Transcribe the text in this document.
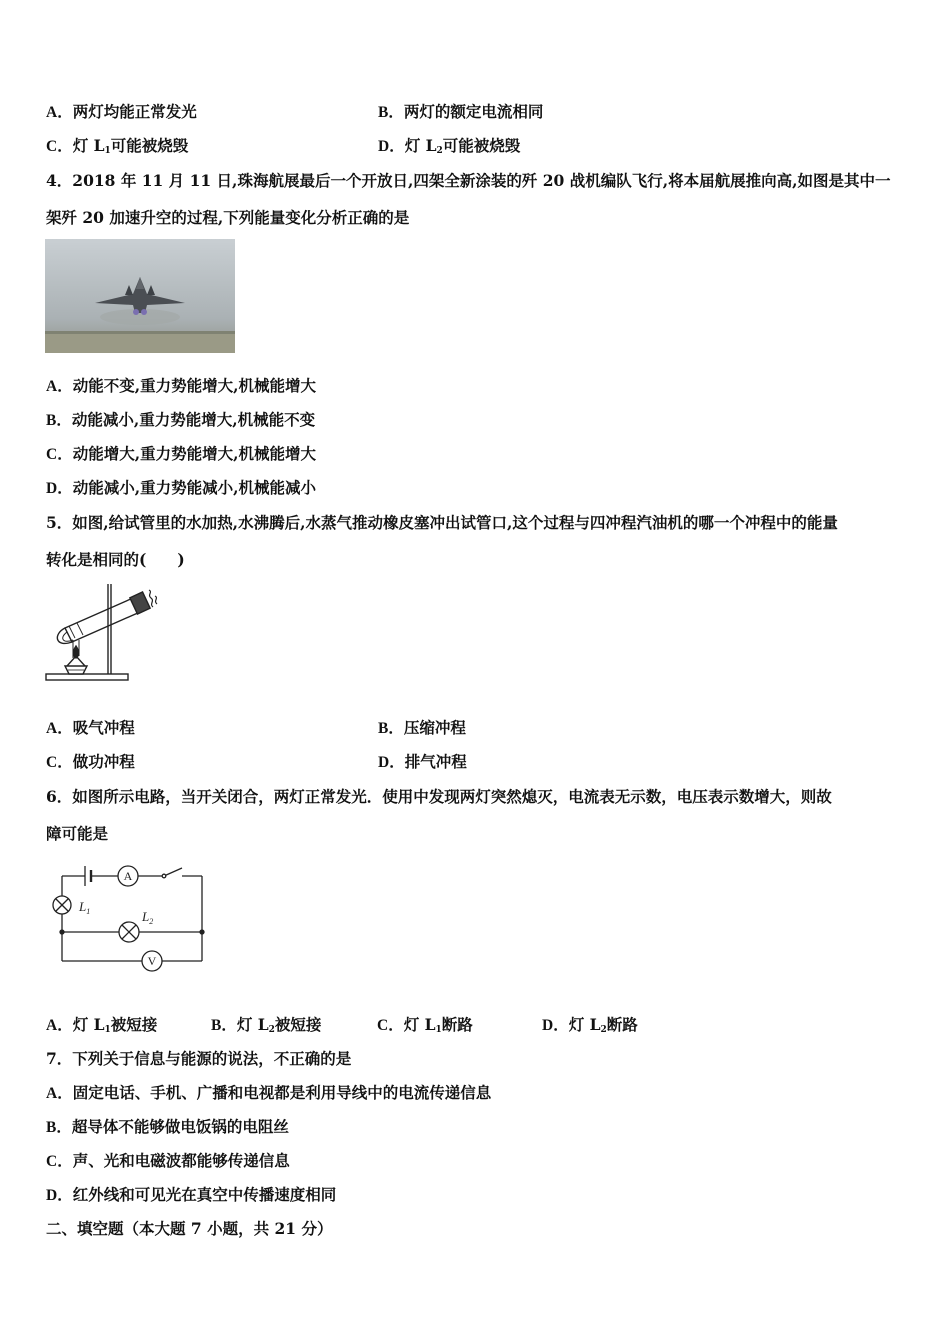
A．两灯均能正常发光	B．两灯的额定电流相同
C．灯 $L_1$可能被烧毁	D．灯 $L_2$可能被烧毁
4．2018 年 11 月 11 日,珠海航展最后一个开放日,四架全新涂装的歼 20 战机编队飞行,将本届航展推向高,如图是其中一
架歼 20 加速升空的过程,下列能量变化分析正确的是
A．动能不变,重力势能增大,机械能增大
B．动能减小,重力势能增大,机械能不变
C．动能增大,重力势能增大,机械能增大
D．动能减小,重力势能减小,机械能减小
5．如图,给试管里的水加热,水沸腾后,水蒸气推动橡皮塞冲出试管口,这个过程与四冲程汽油机的哪一个冲程中的能量
转化是相同的(　　)
A．吸气冲程	B．压缩冲程
C．做功冲程	D．排气冲程
6．如图所示电路，当开关闭合，两灯正常发光．使用中发现两灯突然熄灭，电流表无示数，电压表示数增大，则故
障可能是
A
$L_1$	$L_2$
V
A．灯 $L_1$被短接	B．灯 $L_2$被短接	C．灯 $L_1$断路	D．灯 $L_2$断路
7．下列关于信息与能源的说法，不正确的是
A．固定电话、手机、广播和电视都是利用导线中的电流传递信息
B．超导体不能够做电饭锅的电阻丝
C．声、光和电磁波都能够传递信息
D．红外线和可见光在真空中传播速度相同
二、填空题（本大题 7 小题，共 21 分）
